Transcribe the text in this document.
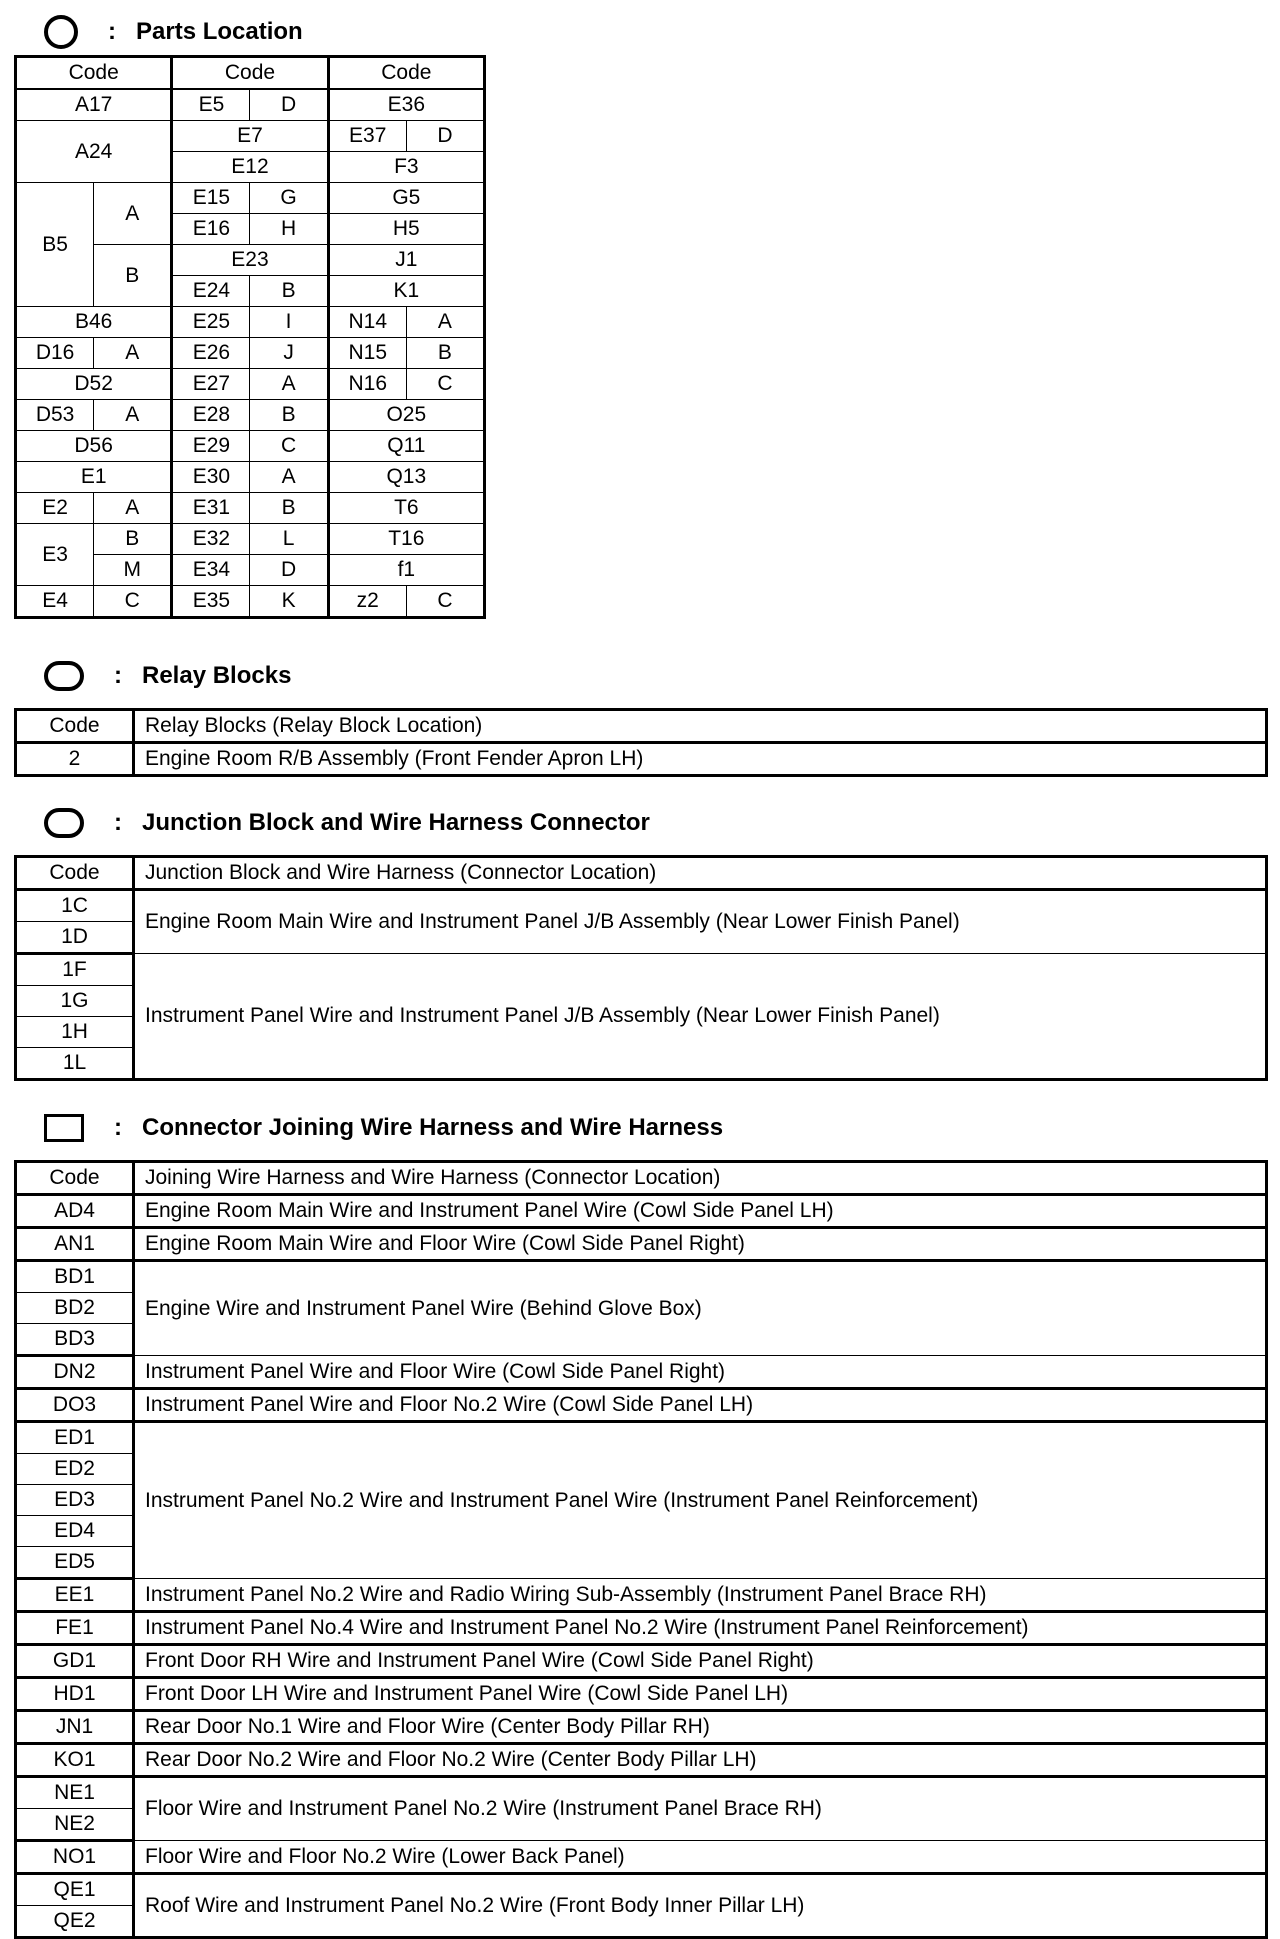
: Parts Location
Code		Code		Code	
A17		E5	D	E36	
A24		E7		E37	D
		E12		F3	
B5	A	E15	G	G5	
		E16	H	H5	
	B	E23		J1	
		E24	B	K1	
B46		E25	I	N14	A
D16	A	E26	J	N15	B
D52		E27	A	N16	C
D53	A	E28	B	O25	
D56		E29	C	Q11	
E1		E30	A	Q13	
E2	A	E31	B	T6	
E3	B	E32	L	T16	
	M	E34	D	f1	
E4	C	E35	K	z2	C
: Relay Blocks
Code	Relay Blocks (Relay Block Location)
2	Engine Room R/B Assembly (Front Fender Apron LH)
: Junction Block and Wire Harness Connector
Code	Junction Block and Wire Harness (Connector Location)
1C	Engine Room Main Wire and Instrument Panel J/B Assembly (Near Lower Finish Panel)
1D	
1F	Instrument Panel Wire and Instrument Panel J/B Assembly (Near Lower Finish Panel)
1G	
1H	
1L	
: Connector Joining Wire Harness and Wire Harness
Code	Joining Wire Harness and Wire Harness (Connector Location)
AD4	Engine Room Main Wire and Instrument Panel Wire (Cowl Side Panel LH)
AN1	Engine Room Main Wire and Floor Wire (Cowl Side Panel Right)
BD1	Engine Wire and Instrument Panel Wire (Behind Glove Box)
BD2	
BD3	
DN2	Instrument Panel Wire and Floor Wire (Cowl Side Panel Right)
DO3	Instrument Panel Wire and Floor No.2 Wire (Cowl Side Panel LH)
ED1	Instrument Panel No.2 Wire and Instrument Panel Wire (Instrument Panel Reinforcement)
ED2	
ED3	
ED4	
ED5	
EE1	Instrument Panel No.2 Wire and Radio Wiring Sub-Assembly (Instrument Panel Brace RH)
FE1	Instrument Panel No.4 Wire and Instrument Panel No.2 Wire (Instrument Panel Reinforcement)
GD1	Front Door RH Wire and Instrument Panel Wire (Cowl Side Panel Right)
HD1	Front Door LH Wire and Instrument Panel Wire (Cowl Side Panel LH)
JN1	Rear Door No.1 Wire and Floor Wire (Center Body Pillar RH)
KO1	Rear Door No.2 Wire and Floor No.2 Wire (Center Body Pillar LH)
NE1	Floor Wire and Instrument Panel No.2 Wire (Instrument Panel Brace RH)
NE2	
NO1	Floor Wire and Floor No.2 Wire (Lower Back Panel)
QE1	Roof Wire and Instrument Panel No.2 Wire (Front Body Inner Pillar LH)
QE2	
